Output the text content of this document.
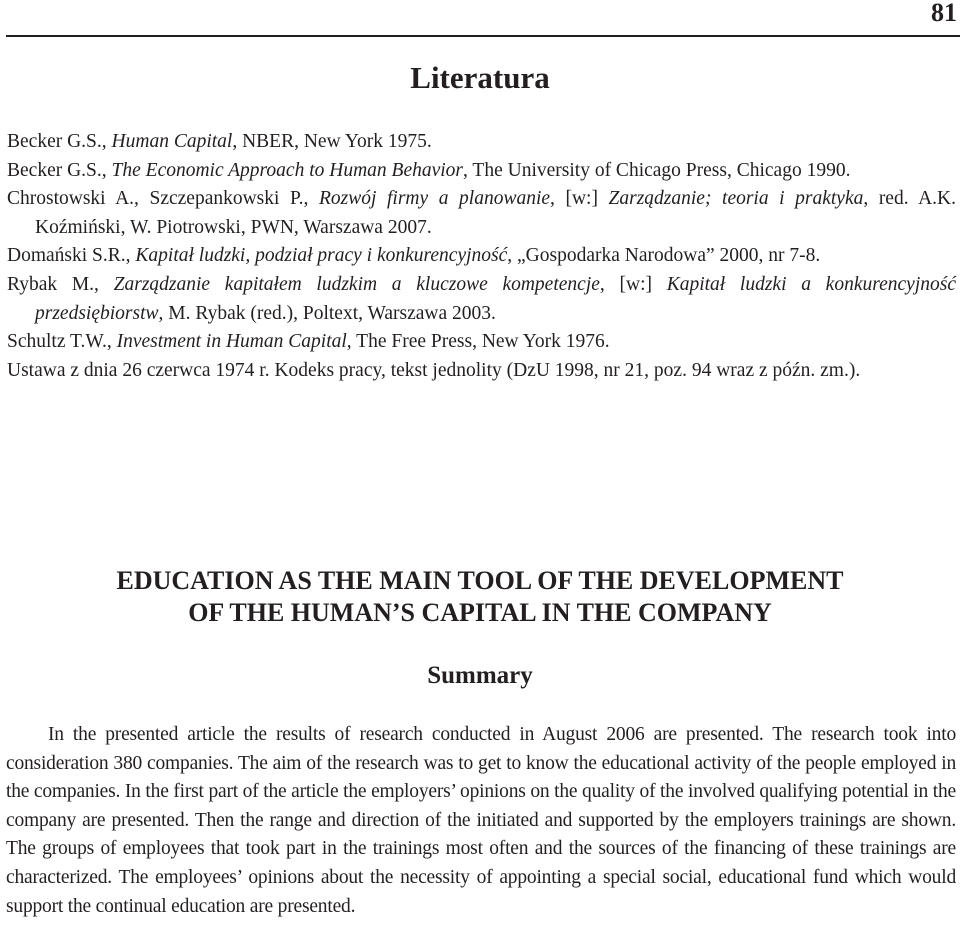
81
Literatura
Becker G.S., Human Capital, NBER, New York 1975.
Becker G.S., The Economic Approach to Human Behavior, The University of Chicago Press, Chicago 1990.
Chrostowski A., Szczepankowski P., Rozwój firmy a planowanie, [w:] Zarządzanie; teoria i praktyka, red. A.K. Koźmiński, W. Piotrowski, PWN, Warszawa 2007.
Domański S.R., Kapitał ludzki, podział pracy i konkurencyjność, „Gospodarka Narodowa” 2000, nr 7-8.
Rybak M., Zarządzanie kapitałem ludzkim a kluczowe kompetencje, [w:] Kapitał ludzki a konkurencyjność przedsiębiorstw, M. Rybak (red.), Poltext, Warszawa 2003.
Schultz T.W., Investment in Human Capital, The Free Press, New York 1976.
Ustawa z dnia 26 czerwca 1974 r. Kodeks pracy, tekst jednolity (DzU 1998, nr 21, poz. 94 wraz z późn. zm.).
EDUCATION AS THE MAIN TOOL OF THE DEVELOPMENT
OF THE HUMAN’S CAPITAL IN THE COMPANY
Summary

In the presented article the results of research conducted in August 2006 are presented. The research took into consideration 380 companies. The aim of the research was to get to know the educational activity of the people employed in the companies. In the first part of the article the employers’ opinions on the quality of the involved qualifying potential in the company are presented. Then the range and direction of the initiated and supported by the employers trainings are shown. The groups of employees that took part in the trainings most often and the sources of the financing of these trainings are characterized. The employees’ opinions about the necessity of appointing a special social, educational fund which would support the continual education are presented.
